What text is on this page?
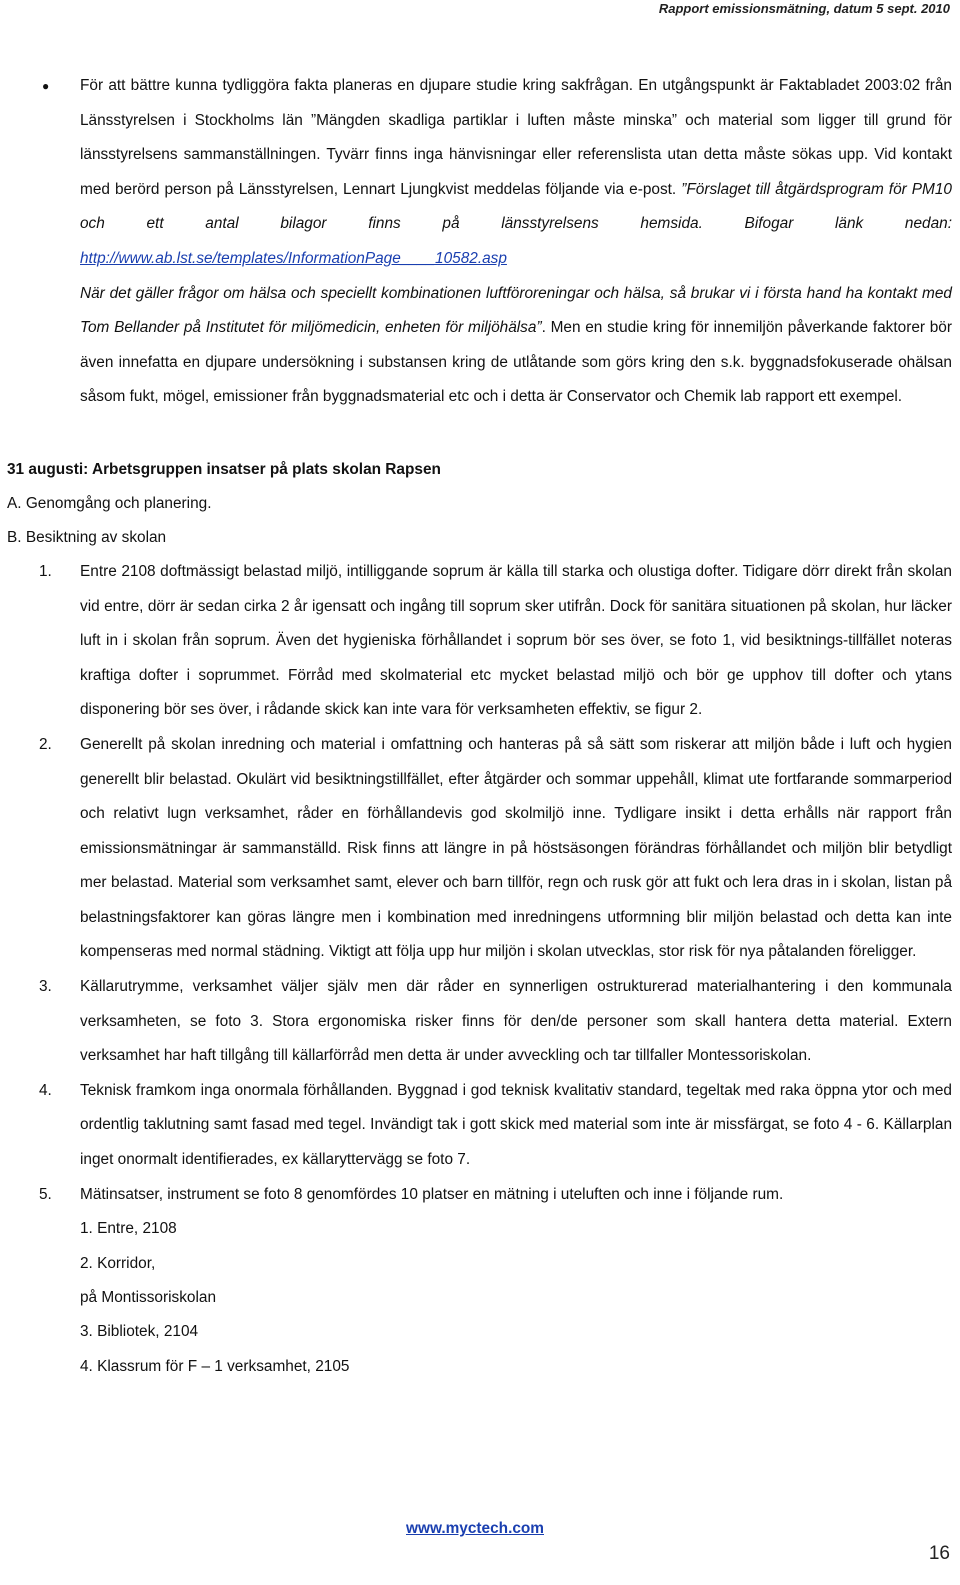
Rapport emissionsmätning, datum 5 sept. 2010
● För att bättre kunna tydliggöra fakta planeras en djupare studie kring sakfrågan. En utgångspunkt är Faktabladet 2003:02 från Länsstyrelsen i Stockholms län ”Mängden skadliga partiklar i luften måste minska” och material som ligger till grund för länsstyrelsens sammanställningen. Tyvärr finns inga hänvisningar eller referenslista utan detta måste sökas upp. Vid kontakt med berörd person på Länsstyrelsen, Lennart Ljungkvist meddelas följande via e-post. ”Förslaget till åtgärdsprogram för PM10 och ett antal bilagor finns på länsstyrelsens hemsida. Bifogar länk nedan: http://www.ab.lst.se/templates/InformationPage____10582.asp
När det gäller frågor om hälsa och speciellt kombinationen luftföroreningar och hälsa, så brukar vi i första hand ha kontakt med Tom Bellander på Institutet för miljömedicin, enheten för miljöhälsa”. Men en studie kring för innemiljön påverkande faktorer bör även innefatta en djupare undersökning i substansen kring de utlåtande som görs kring den s.k. byggnadsfokuserade ohälsan såsom fukt, mögel, emissioner från byggnadsmaterial etc och i detta är Conservator och Chemik lab rapport ett exempel.

31 augusti: Arbetsgruppen insatser på plats skolan Rapsen
A. Genomgång och planering.
B. Besiktning av skolan
1. Entre 2108 doftmässigt belastad miljö, intilliggande soprum är källa till starka och olustiga dofter. Tidigare dörr direkt från skolan vid entre, dörr är sedan cirka 2 år igensatt och ingång till soprum sker utifrån. Dock för sanitära situationen på skolan, hur läcker luft in i skolan från soprum. Även det hygieniska förhållandet i soprum bör ses över, se foto 1, vid besiktnings-tillfället noteras kraftiga dofter i soprummet. Förråd med skolmaterial etc mycket belastad miljö och bör ge upphov till dofter och ytans disponering bör ses över, i rådande skick kan inte vara för verksamheten effektiv, se figur 2.
2. Generellt på skolan inredning och material i omfattning och hanteras på så sätt som riskerar att miljön både i luft och hygien generellt blir belastad. Okulärt vid besiktningstillfället, efter åtgärder och sommar uppehåll, klimat ute fortfarande sommarperiod och relativt lugn verksamhet, råder en förhållandevis god skolmiljö inne. Tydligare insikt i detta erhålls när rapport från emissionsmätningar är sammanställd. Risk finns att längre in på höstsäsongen förändras förhållandet och miljön blir betydligt mer belastad. Material som verksamhet samt, elever och barn tillför, regn och rusk gör att fukt och lera dras in i skolan, listan på belastningsfaktorer kan göras längre men i kombination med inredningens utformning blir miljön belastad och detta kan inte kompenseras med normal städning. Viktigt att följa upp hur miljön i skolan utvecklas, stor risk för nya påtalanden föreligger.
3. Källarutrymme, verksamhet väljer själv men där råder en synnerligen ostrukturerad materialhantering i den kommunala verksamheten, se foto 3. Stora ergonomiska risker finns för den/de personer som skall hantera detta material. Extern verksamhet har haft tillgång till källarförråd men detta är under avveckling och tar tillfaller Montessoriskolan.
4. Teknisk framkom inga onormala förhållanden. Byggnad i god teknisk kvalitativ standard, tegeltak med raka öppna ytor och med ordentlig taklutning samt fasad med tegel. Invändigt tak i gott skick med material som inte är missfärgat, se foto 4 - 6. Källarplan inget onormalt identifierades, ex källaryttervägg se foto 7.
5. Mätinsatser, instrument se foto 8 genomfördes 10 platser en mätning i uteluften och inne i följande rum.
1. Entre, 2108
2. Korridor,
på Montissoriskolan
3. Bibliotek, 2104
4. Klassrum för F – 1 verksamhet, 2105
www.myctech.com
16
